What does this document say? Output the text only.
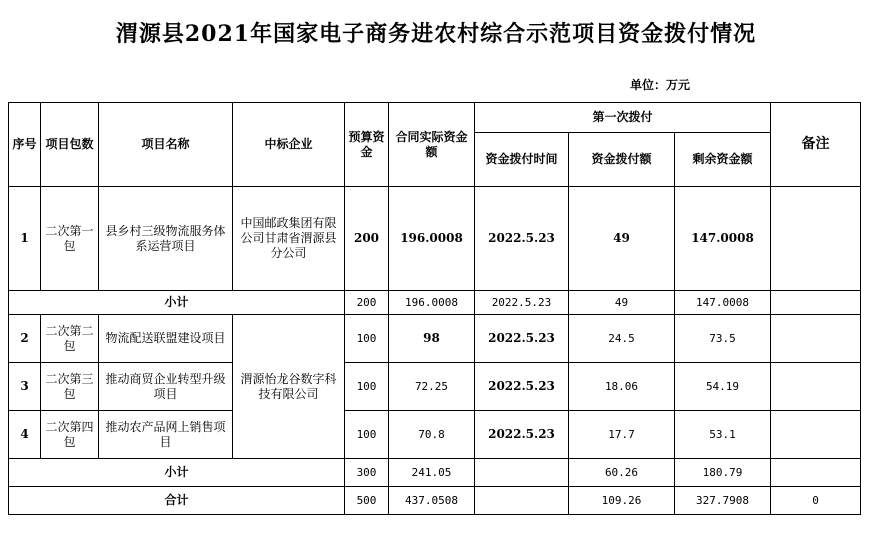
渭源县2021年国家电子商务进农村综合示范项目资金拨付情况
单位：万元
序号	项目包数	项目名称	中标企业	预算资金	合同实际资金额	第一次拨付			备注
						资金拨付时间	资金拨付额	剩余资金额	
1	二次第一包	县乡村三级物流服务体系运营项目	中国邮政集团有限公司甘肃省渭源县分公司	200	196.0008	2022.5.23	49	147.0008	
小计				200	196.0008	2022.5.23	49	147.0008	
2	二次第二包	物流配送联盟建设项目	渭源怡龙谷数字科技有限公司	100	98	2022.5.23	24.5	73.5	
3	二次第三包	推动商贸企业转型升级项目		100	72.25	2022.5.23	18.06	54.19	
4	二次第四包	推动农产品网上销售项目		100	70.8	2022.5.23	17.7	53.1	
小计				300	241.05		60.26	180.79	
合计				500	437.0508		109.26	327.7908	0
